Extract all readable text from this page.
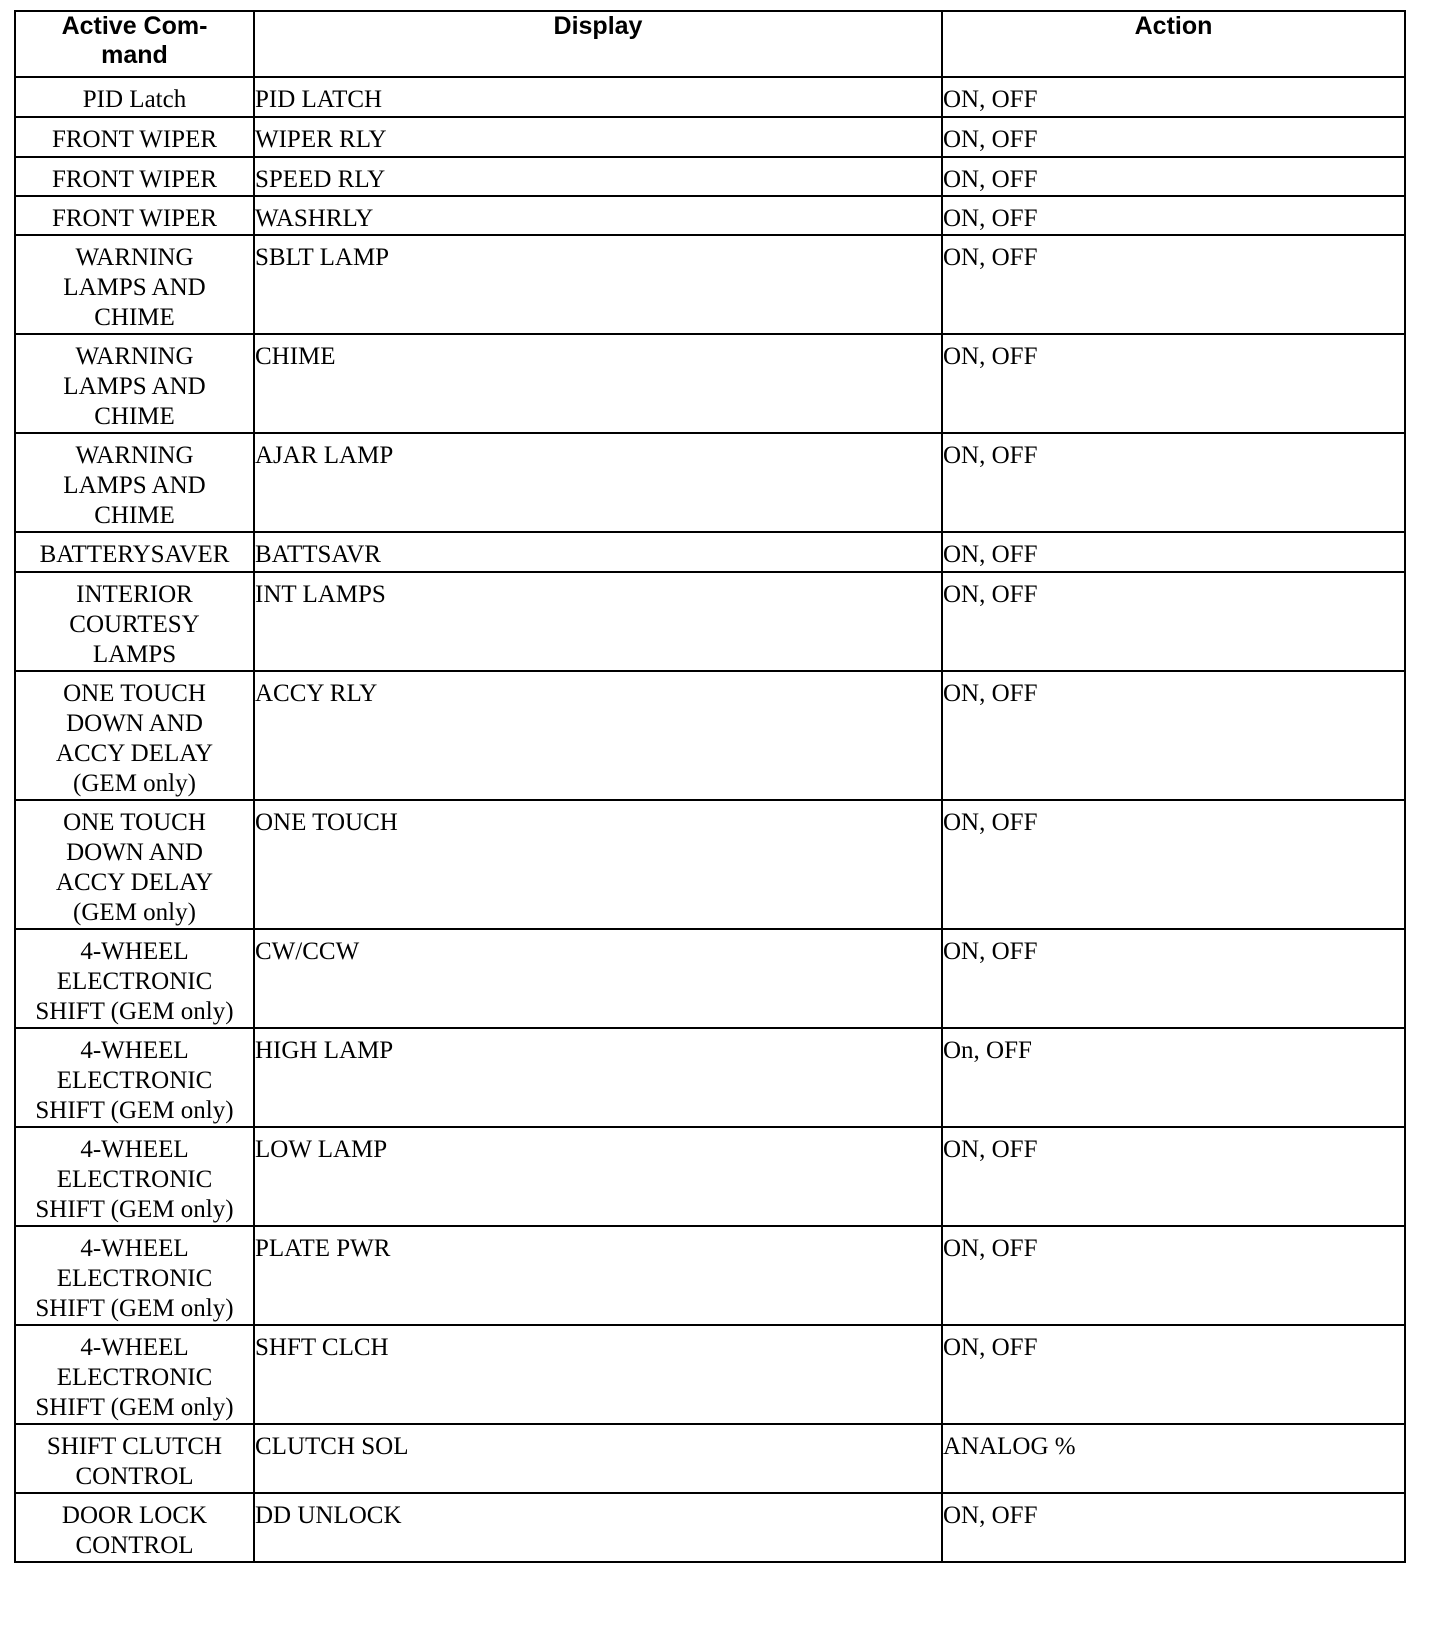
Active Com-
mand	Display	Action
PID Latch	PID LATCH	ON, OFF
FRONT WIPER	WIPER RLY	ON, OFF
FRONT WIPER	SPEED RLY	ON, OFF
FRONT WIPER	WASHRLY	ON, OFF
WARNING
LAMPS AND
CHIME	SBLT LAMP	ON, OFF
WARNING
LAMPS AND
CHIME	CHIME	ON, OFF
WARNING
LAMPS AND
CHIME	AJAR LAMP	ON, OFF
BATTERYSAVER	BATTSAVR	ON, OFF
INTERIOR
COURTESY
LAMPS	INT LAMPS	ON, OFF
ONE TOUCH
DOWN AND
ACCY DELAY
(GEM only)	ACCY RLY	ON, OFF
ONE TOUCH
DOWN AND
ACCY DELAY
(GEM only)	ONE TOUCH	ON, OFF
4-WHEEL
ELECTRONIC
SHIFT (GEM only)	CW/CCW	ON, OFF
4-WHEEL
ELECTRONIC
SHIFT (GEM only)	HIGH LAMP	On, OFF
4-WHEEL
ELECTRONIC
SHIFT (GEM only)	LOW LAMP	ON, OFF
4-WHEEL
ELECTRONIC
SHIFT (GEM only)	PLATE PWR	ON, OFF
4-WHEEL
ELECTRONIC
SHIFT (GEM only)	SHFT CLCH	ON, OFF
SHIFT CLUTCH
CONTROL	CLUTCH SOL	ANALOG %
DOOR LOCK
CONTROL	DD UNLOCK	ON, OFF
